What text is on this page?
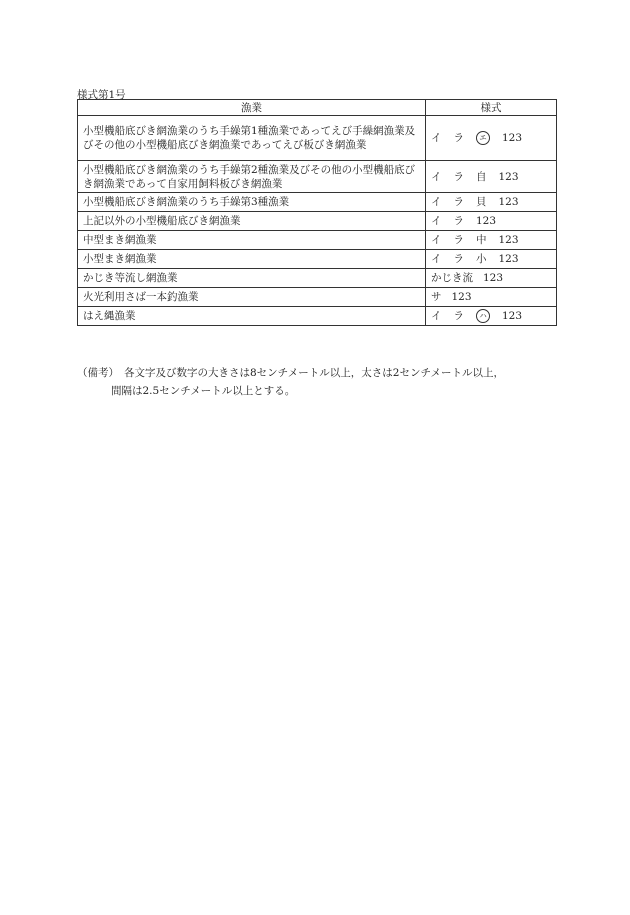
様式第1号
漁業	様式
小型機船底びき網漁業のうち手繰第1種漁業であってえび手繰網漁業及びその他の小型機船底びき網漁業であってえび板びき網漁業	イ ラ エ 123
小型機船底びき網漁業のうち手繰第2種漁業及びその他の小型機船底びき網漁業であって自家用飼料板びき網漁業	イ ラ 自 123
小型機船底びき網漁業のうち手繰第3種漁業	イ ラ 貝 123
上記以外の小型機船底びき網漁業	イ ラ 123
中型まき網漁業	イ ラ 中 123
小型まき網漁業	イ ラ 小 123
かじき等流し網漁業	かじき流 123
火光利用さば一本釣漁業	サ 123
はえ縄漁業	イ ラ ハ 123
（備考） 各文字及び数字の大きさは8センチメートル以上，太さは2センチメートル以上，
間隔は2.5センチメートル以上とする。
